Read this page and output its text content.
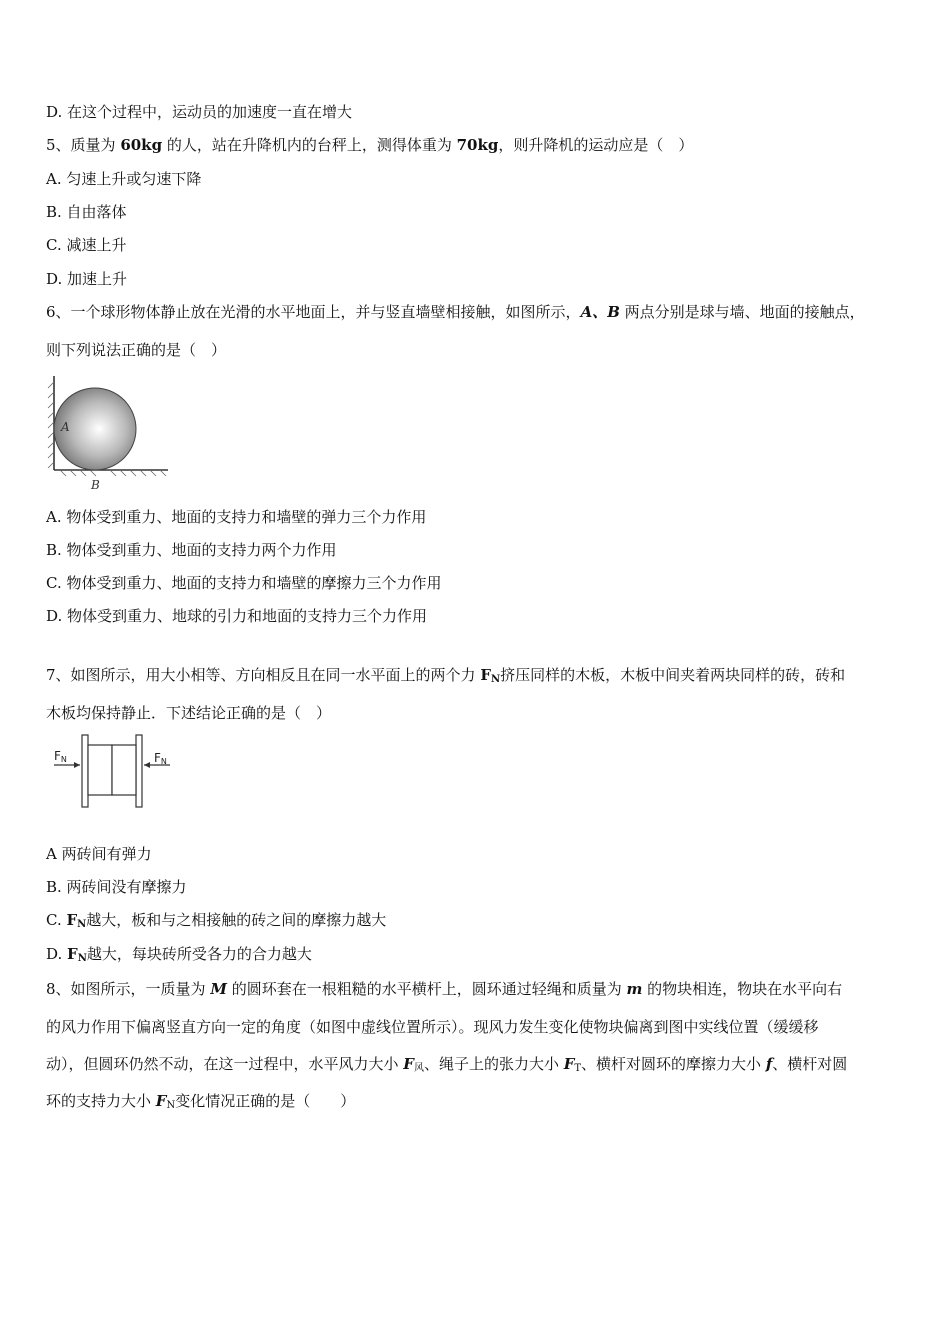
D. 在这个过程中，运动员的加速度一直在增大
5、质量为 60kg 的人，站在升降机内的台秤上，测得体重为 70kg，则升降机的运动应是（　）
A. 匀速上升或匀速下降
B. 自由落体
C. 减速上升
D. 加速上升
6、一个球形物体静止放在光滑的水平地面上，并与竖直墙壁相接触，如图所示，A、B 两点分别是球与墙、地面的接触点，
则下列说法正确的是（　）
A
B
A. 物体受到重力、地面的支持力和墙壁的弹力三个力作用
B. 物体受到重力、地面的支持力两个力作用
C. 物体受到重力、地面的支持力和墙壁的摩擦力三个力作用
D. 物体受到重力、地球的引力和地面的支持力三个力作用
7、如图所示，用大小相等、方向相反且在同一水平面上的两个力 $F_N$挤压同样的木板，木板中间夹着两块同样的砖，砖和
木板均保持静止．下述结论正确的是（　）
FN	FN
A 两砖间有弹力
B. 两砖间没有摩擦力
C. $F_N$越大，板和与之相接触的砖之间的摩擦力越大
D. $F_N$越大，每块砖所受各力的合力越大
8、如图所示，一质量为 M 的圆环套在一根粗糙的水平横杆上，圆环通过轻绳和质量为 m 的物块相连，物块在水平向右
的风力作用下偏离竖直方向一定的角度（如图中虚线位置所示）。现风力发生变化使物块偏离到图中实线位置（缓缓移
动），但圆环仍然不动，在这一过程中，水平风力大小 $F_风$、绳子上的张力大小 $F_T$、横杆对圆环的摩擦力大小 f、横杆对圆
环的支持力大小 $F_N$变化情况正确的是（　　）
